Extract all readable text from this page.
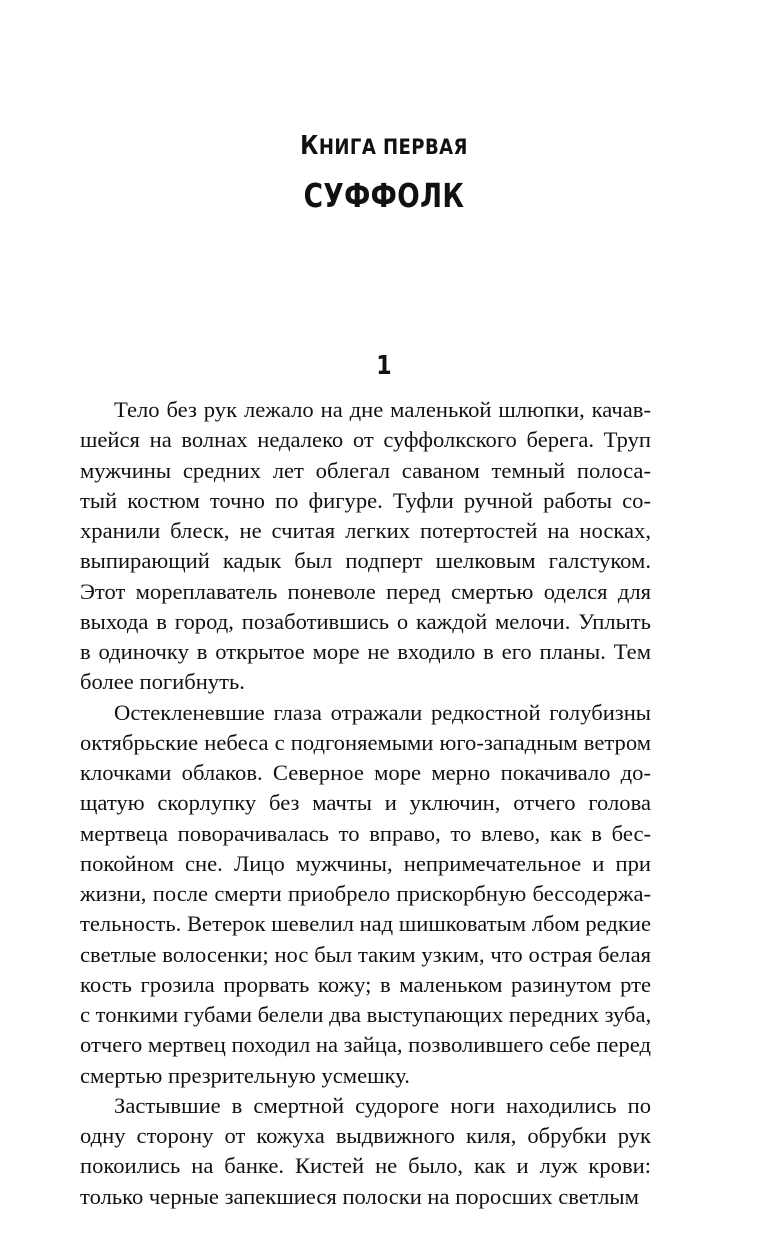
КНИГА ПЕРВАЯ
СУФФОЛК
1

Тело без рук лежало на дне маленькой шлюпки, качав-
шейся на волнах недалеко от суффолкского берега. Труп
мужчины средних лет облегал саваном темный полоса-
тый костюм точно по фигуре. Туфли ручной работы со-
хранили блеск, не считая легких потертостей на носках,
выпирающий кадык был подперт шелковым галстуком.
Этот мореплаватель поневоле перед смертью оделся для
выхода в город, позаботившись о каждой мелочи. Уплыть
в одиночку в открытое море не входило в его планы. Тем
более погибнуть.

Остекленевшие глаза отражали редкостной голубизны
октябрьские небеса с подгоняемыми юго-западным ветром
клочками облаков. Северное море мерно покачивало до-
щатую скорлупку без мачты и уключин, отчего голова
мертвеца поворачивалась то вправо, то влево, как в бес-
покойном сне. Лицо мужчины, непримечательное и при
жизни, после смерти приобрело прискорбную бессодержа-
тельность. Ветерок шевелил над шишковатым лбом редкие
светлые волосенки; нос был таким узким, что острая белая
кость грозила прорвать кожу; в маленьком разинутом рте
с тонкими губами белели два выступающих передних зуба,
отчего мертвец походил на зайца, позволившего себе перед
смертью презрительную усмешку.

Застывшие в смертной судороге ноги находились по
одну сторону от кожуха выдвижного киля, обрубки рук
покоились на банке. Кистей не было, как и луж крови:
только черные запекшиеся полоски на поросших светлым
